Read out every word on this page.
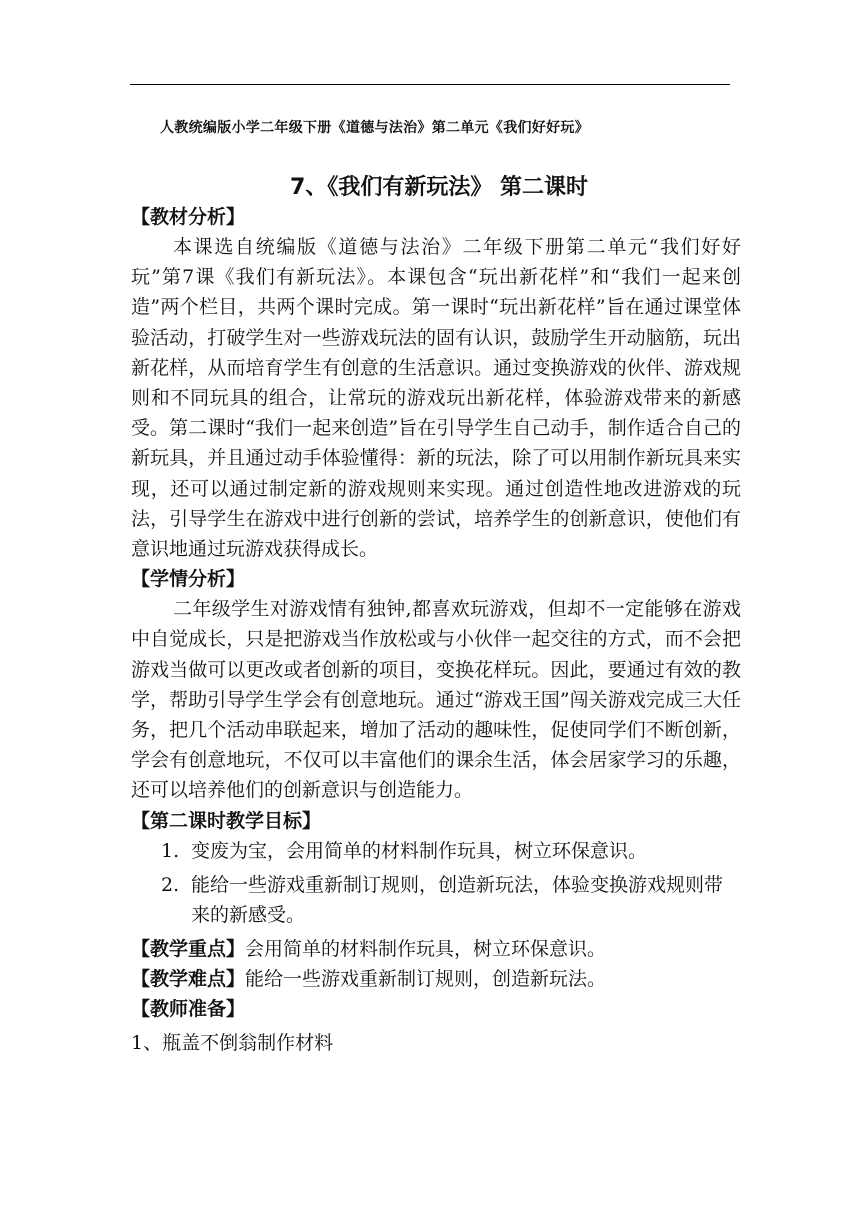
人教统编版小学二年级下册《道德与法治》第二单元《我们好好玩》
7、《我们有新玩法》 第二课时
【教材分析】

本课选自统编版《道德与法治》二年级下册第二单元“我们好好玩”第7课《我们有新玩法》。本课包含“玩出新花样”和“我们一起来创造”两个栏目，共两个课时完成。第一课时“玩出新花样”旨在通过课堂体验活动，打破学生对一些游戏玩法的固有认识，鼓励学生开动脑筋，玩出新花样，从而培育学生有创意的生活意识。通过变换游戏的伙伴、游戏规则和不同玩具的组合，让常玩的游戏玩出新花样，体验游戏带来的新感受。第二课时“我们一起来创造”旨在引导学生自己动手，制作适合自己的新玩具，并且通过动手体验懂得：新的玩法，除了可以用制作新玩具来实现，还可以通过制定新的游戏规则来实现。通过创造性地改进游戏的玩法，引导学生在游戏中进行创新的尝试，培养学生的创新意识，使他们有意识地通过玩游戏获得成长。

【学情分析】

二年级学生对游戏情有独钟,都喜欢玩游戏，但却不一定能够在游戏中自觉成长，只是把游戏当作放松或与小伙伴一起交往的方式，而不会把游戏当做可以更改或者创新的项目，变换花样玩。因此，要通过有效的教学，帮助引导学生学会有创意地玩。通过“游戏王国”闯关游戏完成三大任务，把几个活动串联起来，增加了活动的趣味性，促使同学们不断创新，学会有创意地玩，不仅可以丰富他们的课余生活，体会居家学习的乐趣，还可以培养他们的创新意识与创造能力。

【第二课时教学目标】
1. 变废为宝，会用简单的材料制作玩具，树立环保意识。
2. 能给一些游戏重新制订规则，创造新玩法，体验变换游戏规则带来的新感受。
【教学重点】会用简单的材料制作玩具，树立环保意识。
【教学难点】能给一些游戏重新制订规则，创造新玩法。
【教师准备】
1、瓶盖不倒翁制作材料
